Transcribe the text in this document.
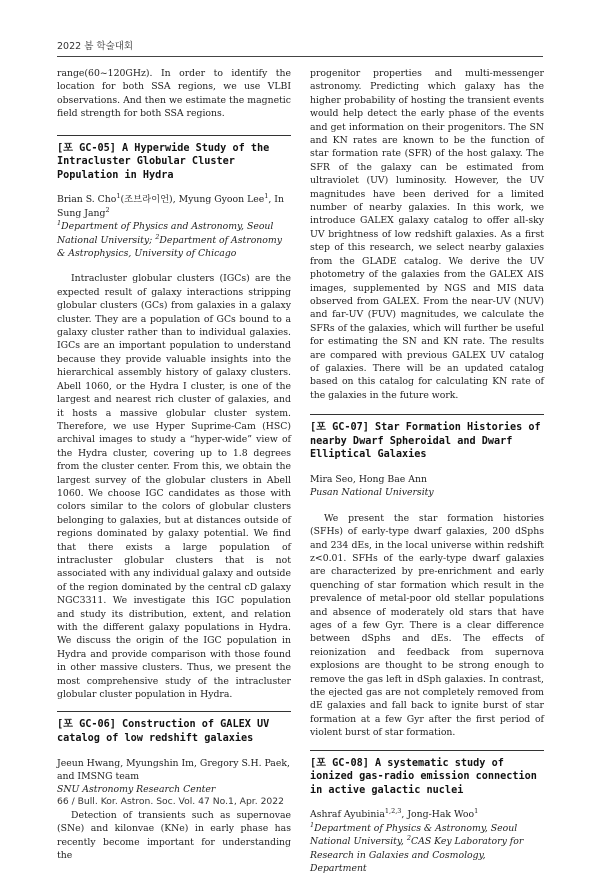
2022 봄 학술대회

range(60~120GHz). In order to identify the location for both SSA regions, we use VLBI observations. And then we estimate the magnetic field strength for both SSA regions.

[포 GC-05] A Hyperwide Study of the Intracluster Globular Cluster Population in Hydra
Brian S. Cho$^1$(조브라이언), Myung Gyoon Lee$^1$, In Sung Jang$^2$
$^1$Department of Physics and Astronomy, Seoul National University; $^2$Department of Astronomy & Astrophysics, University of Chicago

Intracluster globular clusters (IGCs) are the expected result of galaxy interactions stripping globular clusters (GCs) from galaxies in a galaxy cluster. They are a population of GCs bound to a galaxy cluster rather than to individual galaxies. IGCs are an important population to understand because they provide valuable insights into the hierarchical assembly history of galaxy clusters. Abell 1060, or the Hydra I cluster, is one of the largest and nearest rich cluster of galaxies, and it hosts a massive globular cluster system. Therefore, we use Hyper Suprime-Cam (HSC) archival images to study a “hyper-wide” view of the Hydra cluster, covering up to 1.8 degrees from the cluster center. From this, we obtain the largest survey of the globular clusters in Abell 1060. We choose IGC candidates as those with colors similar to the colors of globular clusters belonging to galaxies, but at distances outside of regions dominated by galaxy potential. We find that there exists a large population of intracluster globular clusters that is not associated with any individual galaxy and outside of the region dominated by the central cD galaxy NGC3311. We investigate this IGC population and study its distribution, extent, and relation with the different galaxy populations in Hydra. We discuss the origin of the IGC population in Hydra and provide comparison with those found in other massive clusters. Thus, we present the most comprehensive study of the intracluster globular cluster population in Hydra.

[포 GC-06] Construction of GALEX UV catalog of low redshift galaxies
Jeeun Hwang, Myungshin Im, Gregory S.H. Paek, and IMSNG team
SNU Astronomy Research Center

Detection of transients such as supernovae (SNe) and kilonvae (KNe) in early phase has recently become important for understanding the

progenitor properties and multi-messenger astronomy. Predicting which galaxy has the higher probability of hosting the transient events would help detect the early phase of the events and get information on their progenitors. The SN and KN rates are known to be the function of star formation rate (SFR) of the host galaxy. The SFR of the galaxy can be estimated from ultraviolet (UV) luminosity. However, the UV magnitudes have been derived for a limited number of nearby galaxies. In this work, we introduce GALEX galaxy catalog to offer all-sky UV brightness of low redshift galaxies. As a first step of this research, we select nearby galaxies from the GLADE catalog. We derive the UV photometry of the galaxies from the GALEX AIS images, supplemented by NGS and MIS data observed from GALEX. From the near-UV (NUV) and far-UV (FUV) magnitudes, we calculate the SFRs of the galaxies, which will further be useful for estimating the SN and KN rate. The results are compared with previous GALEX UV catalog of galaxies. There will be an updated catalog based on this catalog for calculating KN rate of the galaxies in the future work.

[포 GC-07] Star Formation Histories of nearby Dwarf Spheroidal and Dwarf Elliptical Galaxies
Mira Seo, Hong Bae Ann
Pusan National University

We present the star formation histories (SFHs) of early-type dwarf galaxies, 200 dSphs and 234 dEs, in the local universe within redshift z<0.01. SFHs of the early-type dwarf galaxies are characterized by pre-enrichment and early quenching of star formation which result in the prevalence of metal-poor old stellar populations and absence of moderately old stars that have ages of a few Gyr. There is a clear difference between dSphs and dEs. The effects of reionization and feedback from supernova explosions are thought to be strong enough to remove the gas left in dSph galaxies. In contrast, the ejected gas are not completely removed from dE galaxies and fall back to ignite burst of star formation at a few Gyr after the first period of violent burst of star formation.

[포 GC-08] A systematic study of ionized gas-radio emission connection in active galactic nuclei
Ashraf Ayubinia$^{1,2,3}$, Jong-Hak Woo$^1$
$^1$Department of Physics & Astronomy, Seoul National University, $^2$CAS Key Laboratory for Research in Galaxies and Cosmology, Department
66 / Bull. Kor. Astron. Soc. Vol. 47 No.1, Apr. 2022
